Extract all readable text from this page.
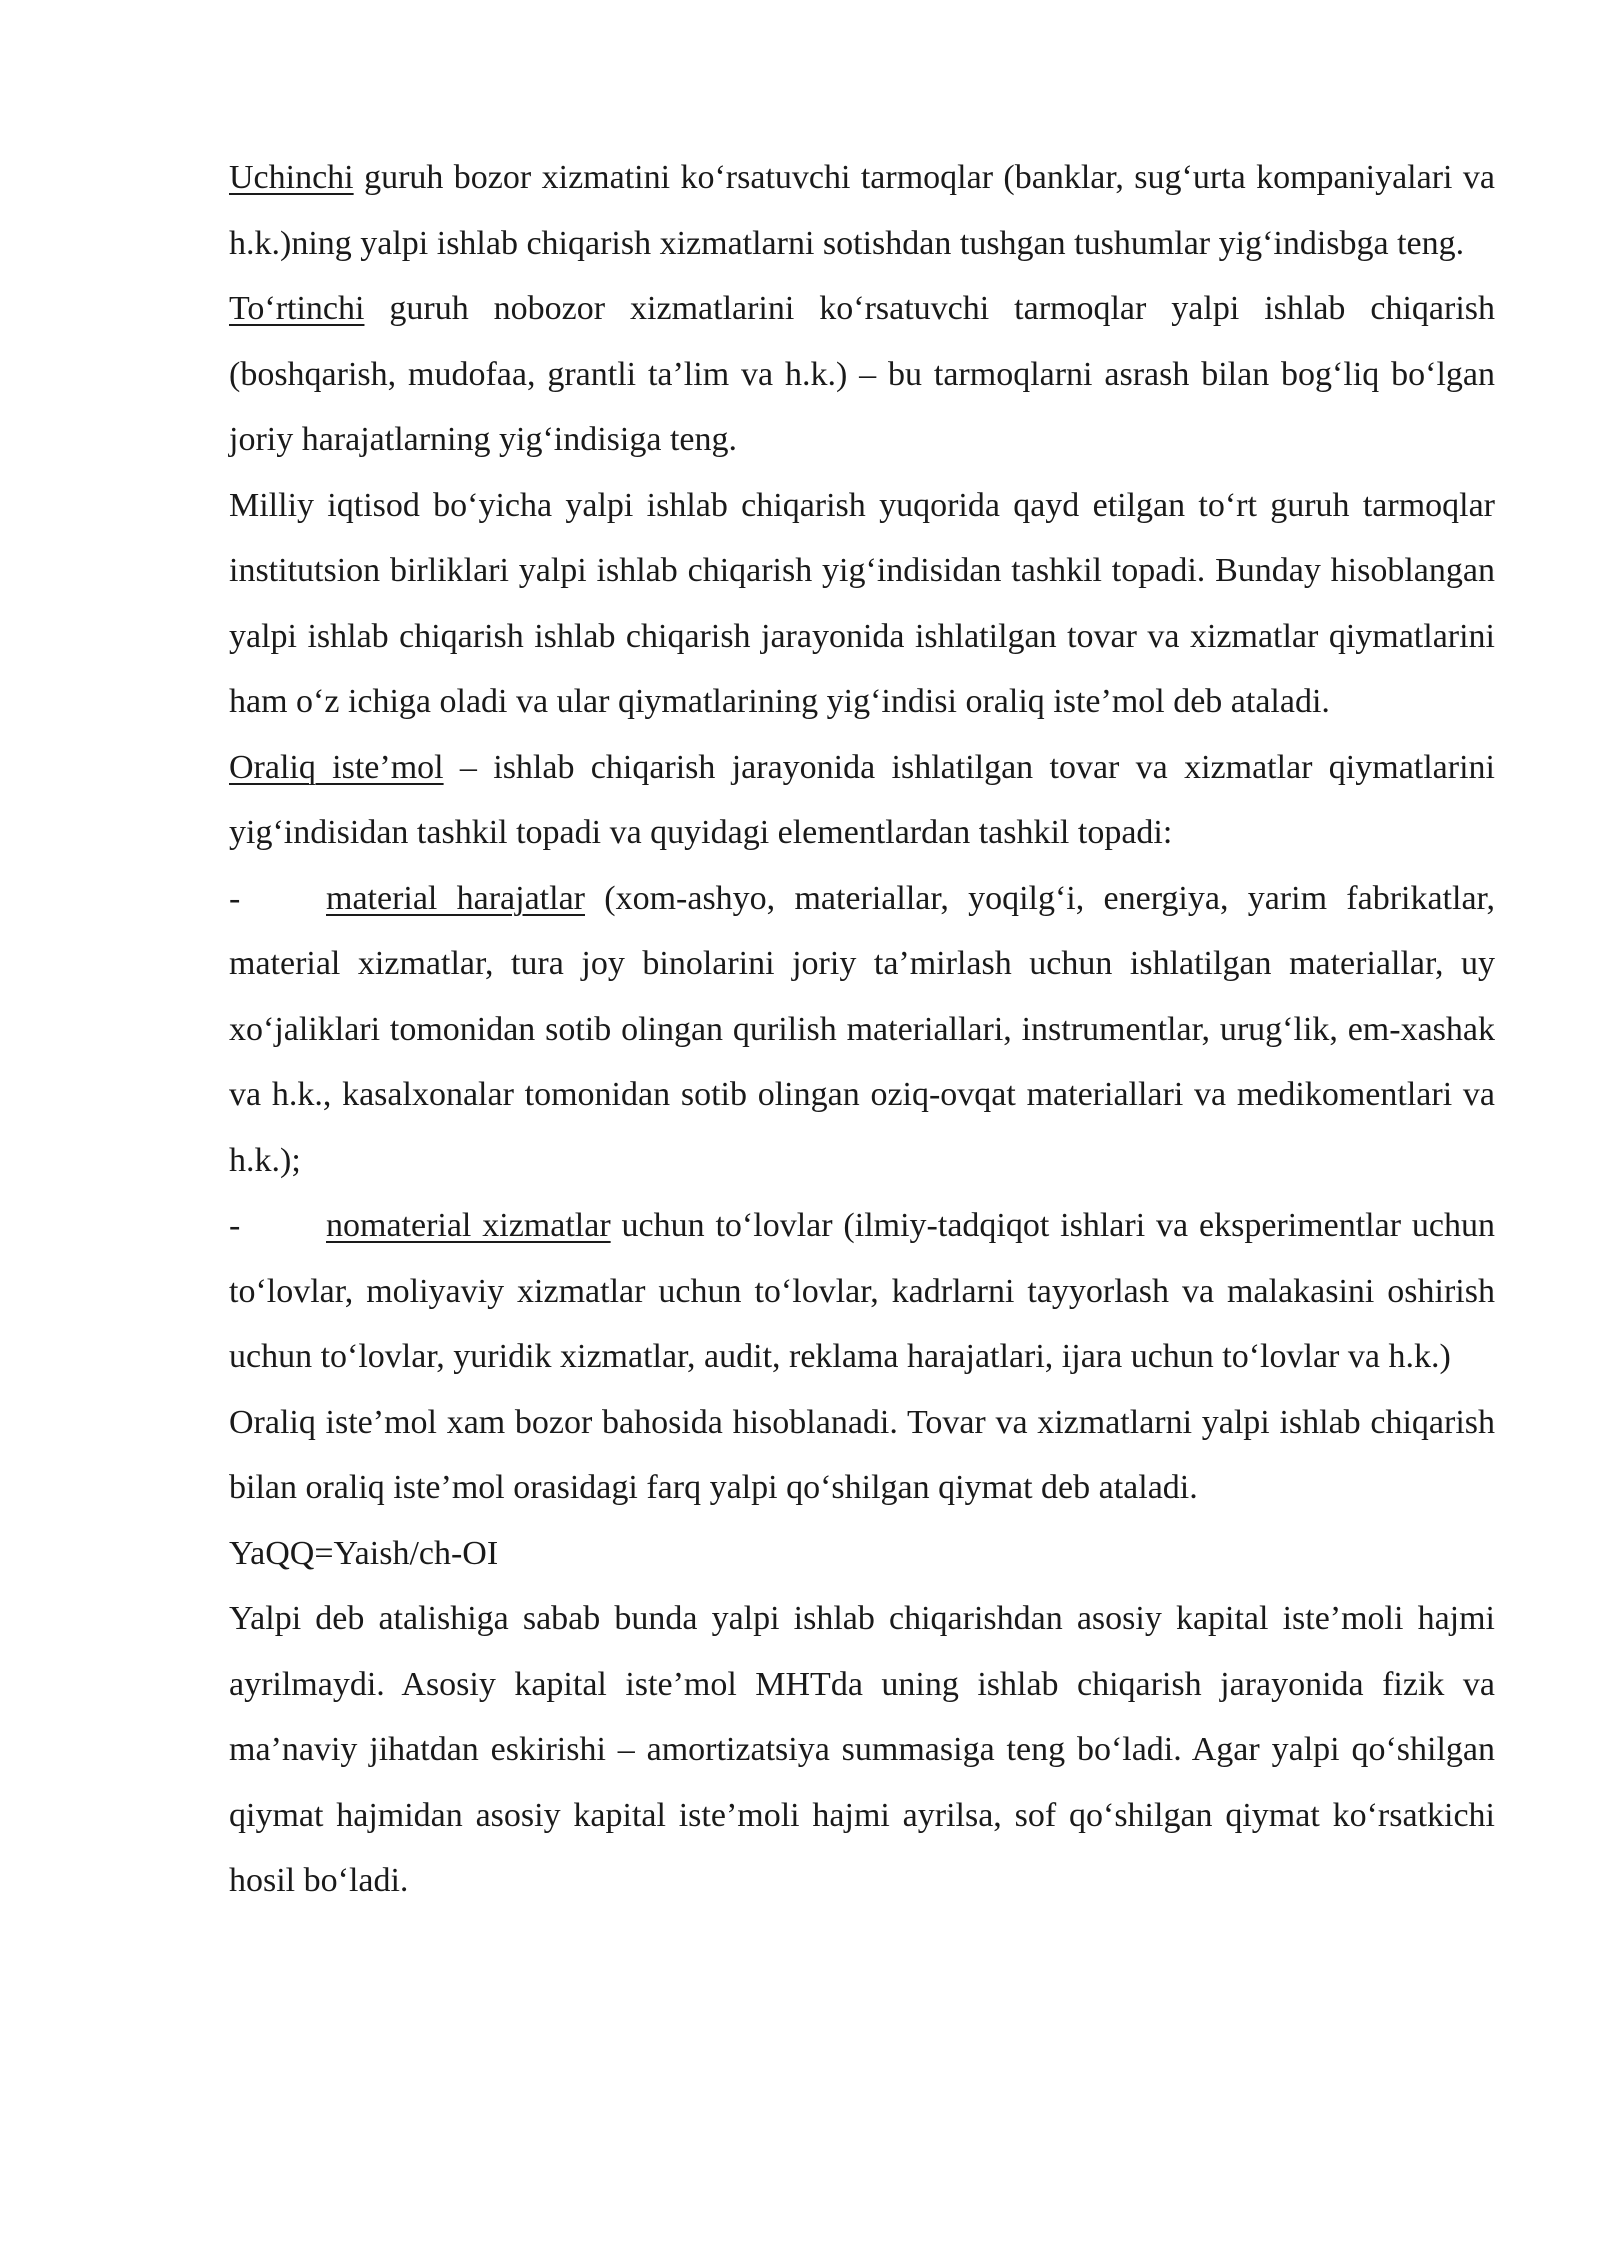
Uchinchi guruh bozor xizmatini ko‘rsatuvchi tarmoqlar (banklar, sug‘urta kompaniyalari va h.k.)ning yalpi ishlab chiqarish xizmatlarni sotishdan tushgan tushumlar yig‘indisbga teng.

To‘rtinchi guruh nobozor xizmatlarini ko‘rsatuvchi tarmoqlar yalpi ishlab chiqarish (boshqarish, mudofaa, grantli ta’lim va h.k.) – bu tarmoqlarni asrash bilan bog‘liq bo‘lgan joriy harajatlarning yig‘indisiga teng.

Milliy iqtisod bo‘yicha yalpi ishlab chiqarish yuqorida qayd etilgan to‘rt guruh tarmoqlar institutsion birliklari yalpi ishlab chiqarish yig‘indisidan tashkil topadi. Bunday hisoblangan yalpi ishlab chiqarish ishlab chiqarish jarayonida ishlatilgan tovar va xizmatlar qiymatlarini ham o‘z ichiga oladi va ular qiymatlarining yig‘indisi oraliq iste’mol deb ataladi.

Oraliq iste’mol – ishlab chiqarish jarayonida ishlatilgan tovar va xizmatlar qiymatlarini yig‘indisidan tashkil topadi va quyidagi elementlardan tashkil topadi:

-	material harajatlar (xom-ashyo, materiallar, yoqilg‘i, energiya, yarim fabrikatlar, material xizmatlar, tura joy binolarini joriy ta’mirlash uchun ishlatilgan materiallar, uy xo‘jaliklari tomonidan sotib olingan qurilish materiallari, instrumentlar, urug‘lik, em-xashak va h.k., kasalxonalar tomonidan sotib olingan oziq-ovqat materiallari va medikomentlari va h.k.);

-	nomaterial xizmatlar uchun to‘lovlar (ilmiy-tadqiqot ishlari va eksperimentlar uchun to‘lovlar, moliyaviy xizmatlar uchun to‘lovlar, kadrlarni tayyorlash va malakasini oshirish uchun to‘lovlar, yuridik xizmatlar, audit, reklama harajatlari, ijara uchun to‘lovlar va h.k.)

Oraliq iste’mol xam bozor bahosida hisoblanadi. Tovar va xizmatlarni yalpi ishlab chiqarish bilan oraliq iste’mol orasidagi farq yalpi qo‘shilgan qiymat deb ataladi.

YaQQ=Yaish/ch-OI

Yalpi deb atalishiga sabab bunda yalpi ishlab chiqarishdan asosiy kapital iste’moli hajmi ayrilmaydi. Asosiy kapital iste’mol MHTda uning ishlab chiqarish jarayonida fizik va ma’naviy jihatdan eskirishi – amortizatsiya summasiga teng bo‘ladi. Agar yalpi qo‘shilgan qiymat hajmidan asosiy kapital iste’moli hajmi ayrilsa, sof qo‘shilgan qiymat ko‘rsatkichi hosil bo‘ladi.
